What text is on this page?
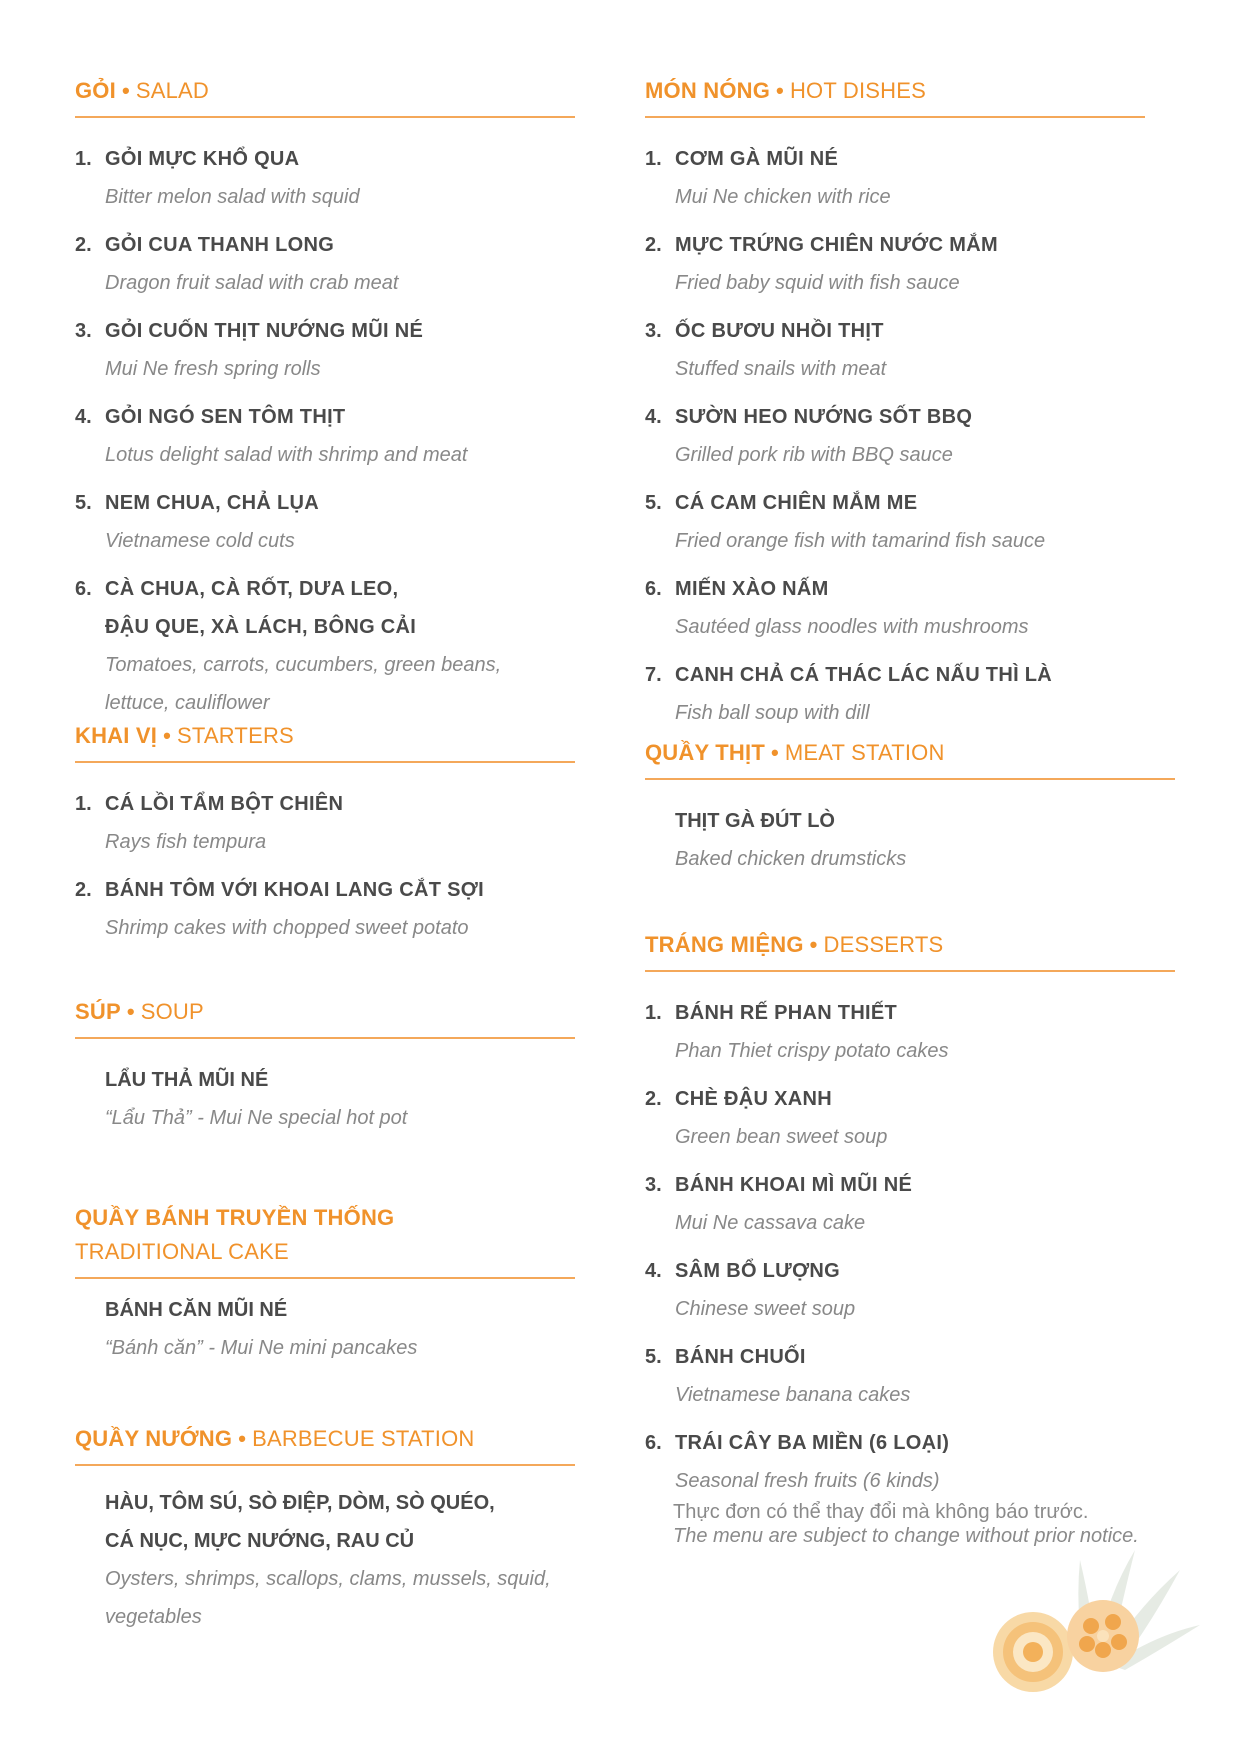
GỎI • SALAD
1. GỎI MỰC KHỔ QUA
Bitter melon salad with squid
2. GỎI CUA THANH LONG
Dragon fruit salad with crab meat
3. GỎI CUỐN THỊT NƯỚNG MŨI NÉ
Mui Ne fresh spring rolls
4. GỎI NGÓ SEN TÔM THỊT
Lotus delight salad with shrimp and meat
5. NEM CHUA, CHẢ LỤA
Vietnamese cold cuts
6. CÀ CHUA, CÀ RỐT, DƯA LEO,
ĐẬU QUE, XÀ LÁCH, BÔNG CẢI
Tomatoes, carrots, cucumbers, green beans,
lettuce, cauliflower
KHAI VỊ • STARTERS
1. CÁ LỒI TẨM BỘT CHIÊN
Rays fish tempura
2. BÁNH TÔM VỚI KHOAI LANG CẮT SỢI
Shrimp cakes with chopped sweet potato
SÚP • SOUP
LẨU THẢ MŨI NÉ
“Lẩu Thả” - Mui Ne special hot pot
QUẦY BÁNH TRUYỀN THỐNG
TRADITIONAL CAKE
BÁNH CĂN MŨI NÉ
“Bánh căn” - Mui Ne mini pancakes
QUẦY NƯỚNG • BARBECUE STATION
HÀU, TÔM SÚ, SÒ ĐIỆP, DÒM, SÒ QUÉO,
CÁ NỤC, MỰC NƯỚNG, RAU CỦ
Oysters, shrimps, scallops, clams, mussels, squid,
vegetables
MÓN NÓNG • HOT DISHES
1. CƠM GÀ MŨI NÉ
Mui Ne chicken with rice
2. MỰC TRỨNG CHIÊN NƯỚC MẮM
Fried baby squid with fish sauce
3. ỐC BƯƠU NHỒI THỊT
Stuffed snails with meat
4. SƯỜN HEO NƯỚNG SỐT BBQ
Grilled pork rib with BBQ sauce
5. CÁ CAM CHIÊN MẮM ME
Fried orange fish with tamarind fish sauce
6. MIẾN XÀO NẤM
Sautéed glass noodles with mushrooms
7. CANH CHẢ CÁ THÁC LÁC NẤU THÌ LÀ
Fish ball soup with dill
QUẦY THỊT • MEAT STATION
THỊT GÀ ĐÚT LÒ
Baked chicken drumsticks
TRÁNG MIỆNG • DESSERTS
1. BÁNH RẾ PHAN THIẾT
Phan Thiet crispy potato cakes
2. CHÈ ĐẬU XANH
Green bean sweet soup
3. BÁNH KHOAI MÌ MŨI NÉ
Mui Ne cassava cake
4. SÂM BỔ LƯỢNG
Chinese sweet soup
5. BÁNH CHUỐI
Vietnamese banana cakes
6. TRÁI CÂY BA MIỀN (6 LOẠI)
Seasonal fresh fruits (6 kinds)
Thực đơn có thể thay đổi mà không báo trước.
The menu are subject to change without prior notice.
